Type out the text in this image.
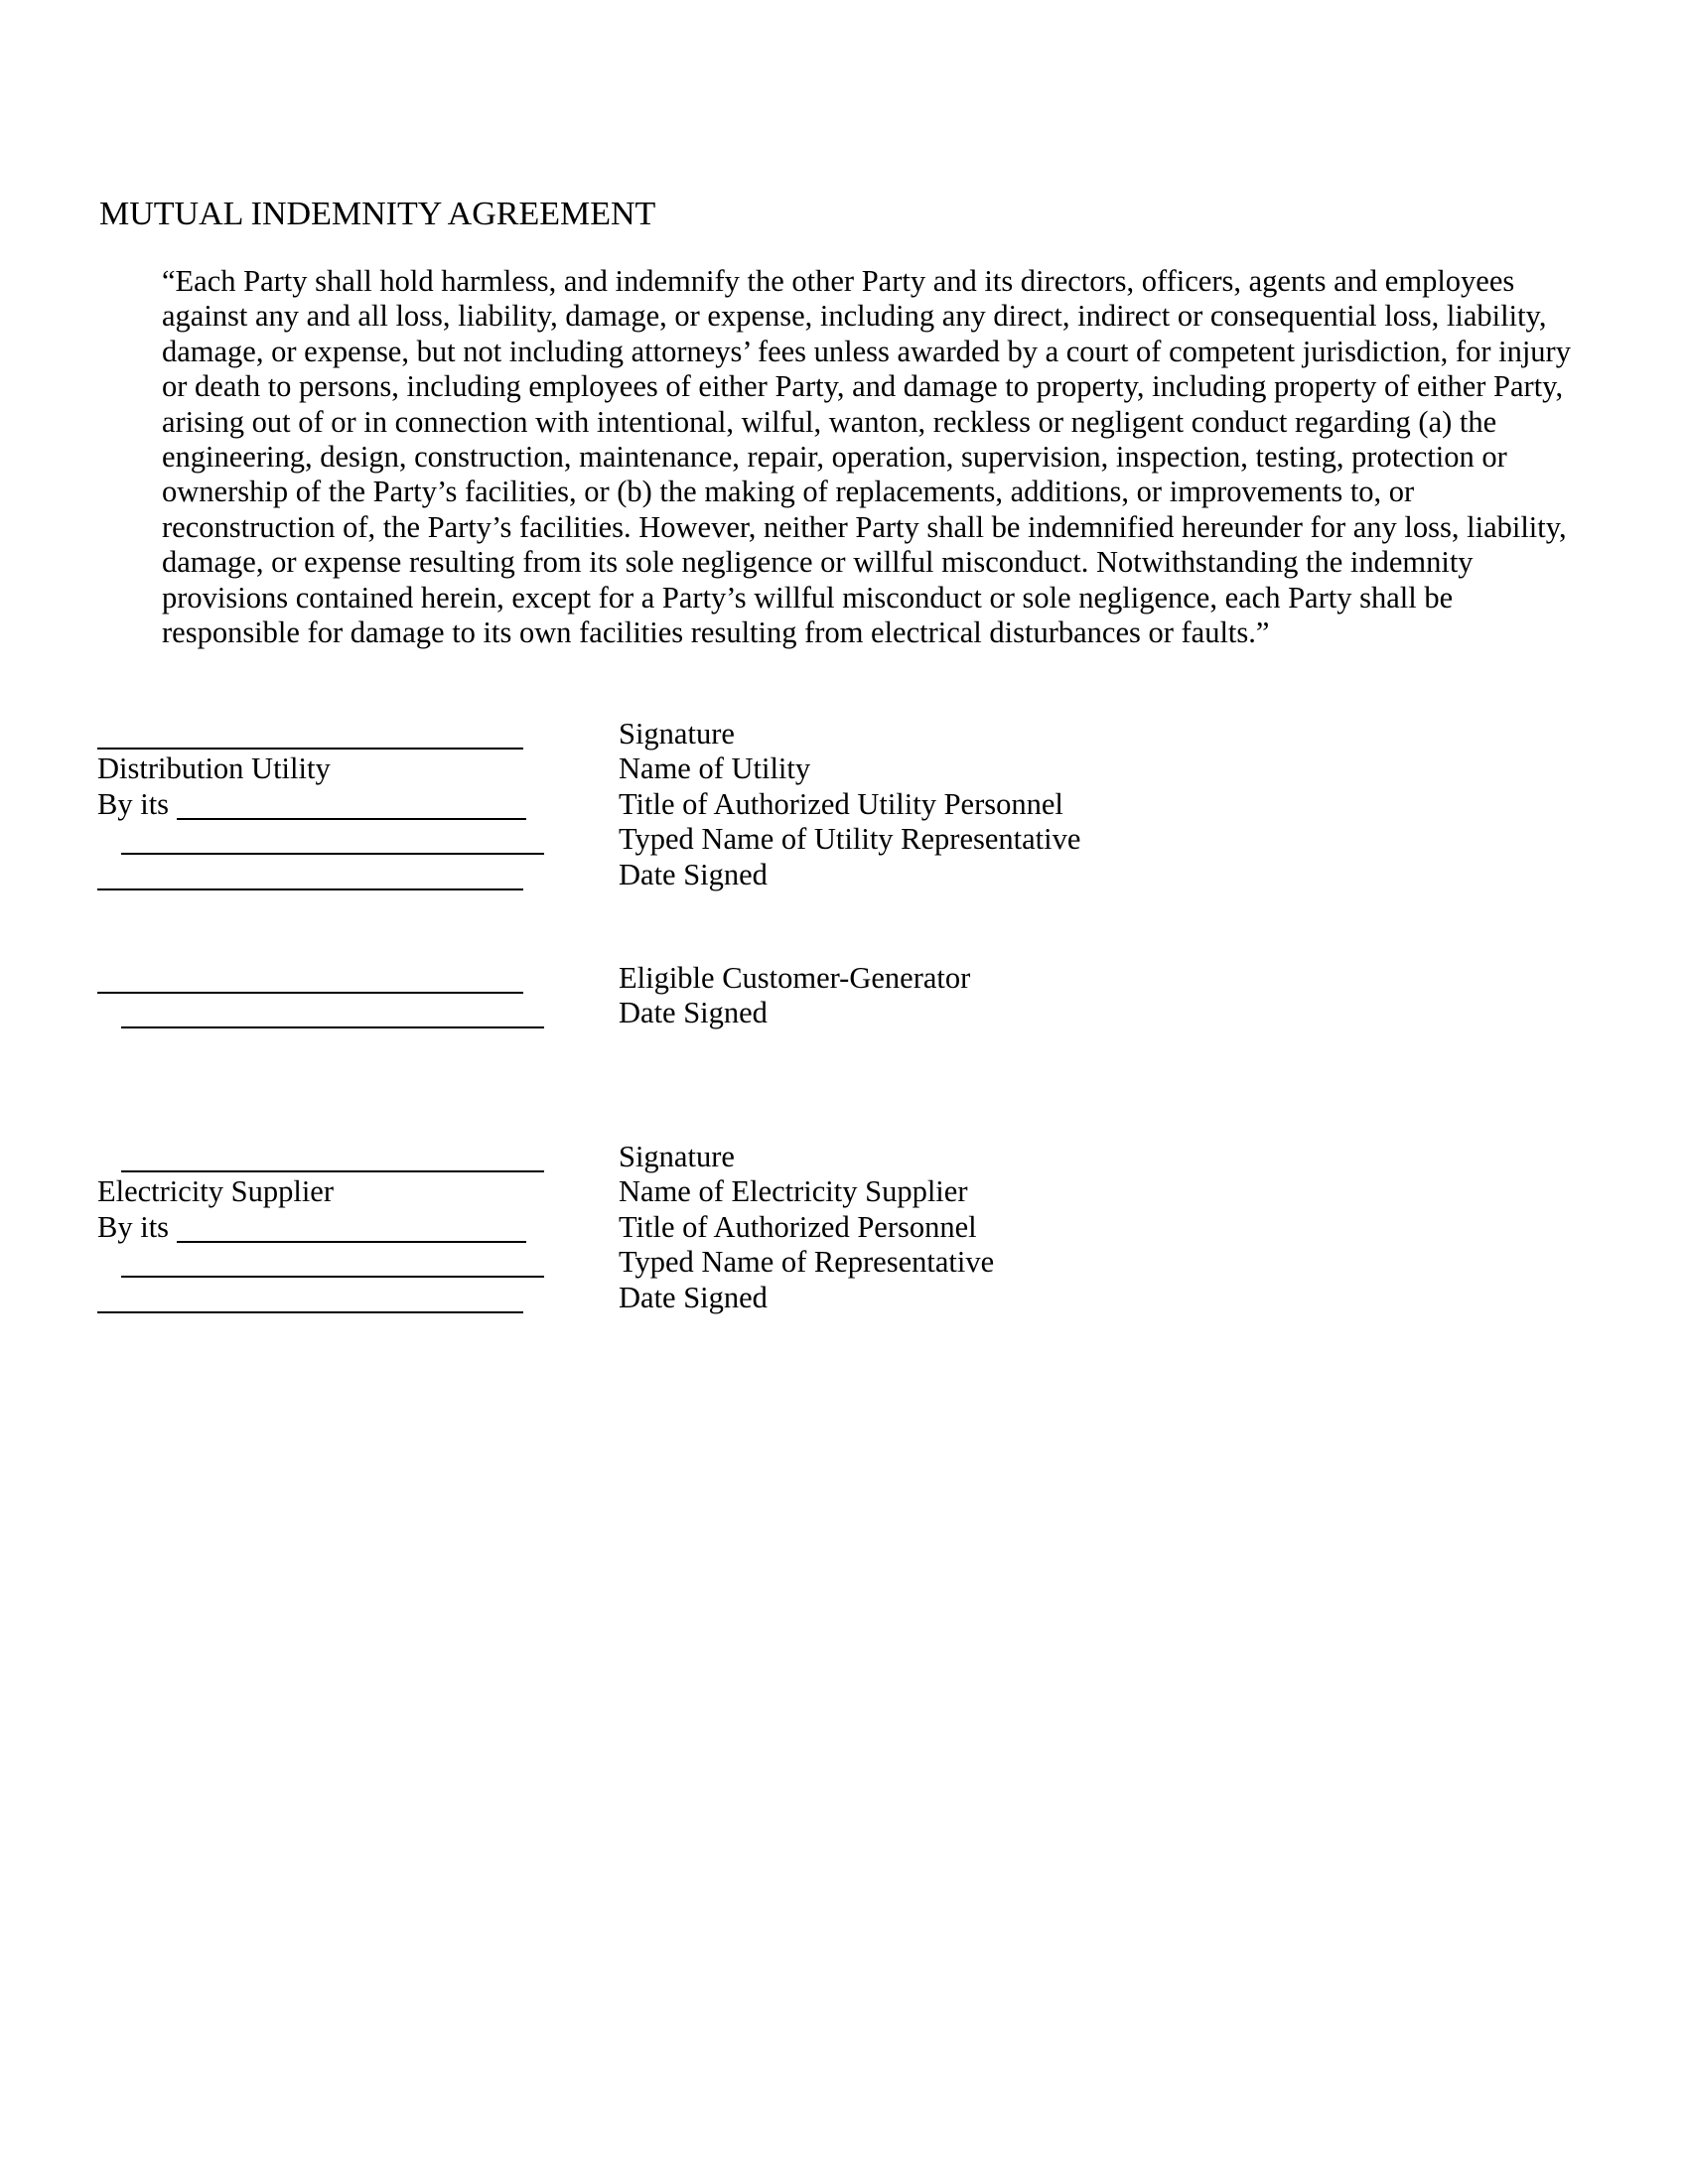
MUTUAL INDEMNITY AGREEMENT
“Each Party shall hold harmless, and indemnify the other Party and its directors, officers, agents and employees
against any and all loss, liability, damage, or expense, including any direct, indirect or consequential loss, liability,
damage, or expense, but not including attorneys’ fees unless awarded by a court of competent jurisdiction, for injury
or death to persons, including employees of either Party, and damage to property, including property of either Party,
arising out of or in connection with intentional, wilful, wanton, reckless or negligent conduct regarding (a) the
engineering, design, construction, maintenance, repair, operation, supervision, inspection, testing, protection or
ownership of the Party’s facilities, or (b) the making of replacements, additions, or improvements to, or
reconstruction of, the Party’s facilities. However, neither Party shall be indemnified hereunder for any loss, liability,
damage, or expense resulting from its sole negligence or willful misconduct. Notwithstanding the indemnity
provisions contained herein, except for a Party’s willful misconduct or sole negligence, each Party shall be
responsible for damage to its own facilities resulting from electrical disturbances or faults.”
Signature
Distribution Utility	Name of Utility
By its	Title of Authorized Utility Personnel
Typed Name of Utility Representative
Date Signed
Eligible Customer-Generator
Date Signed
Signature
Electricity Supplier	Name of Electricity Supplier
By its	Title of Authorized Personnel
Typed Name of Representative
Date Signed
